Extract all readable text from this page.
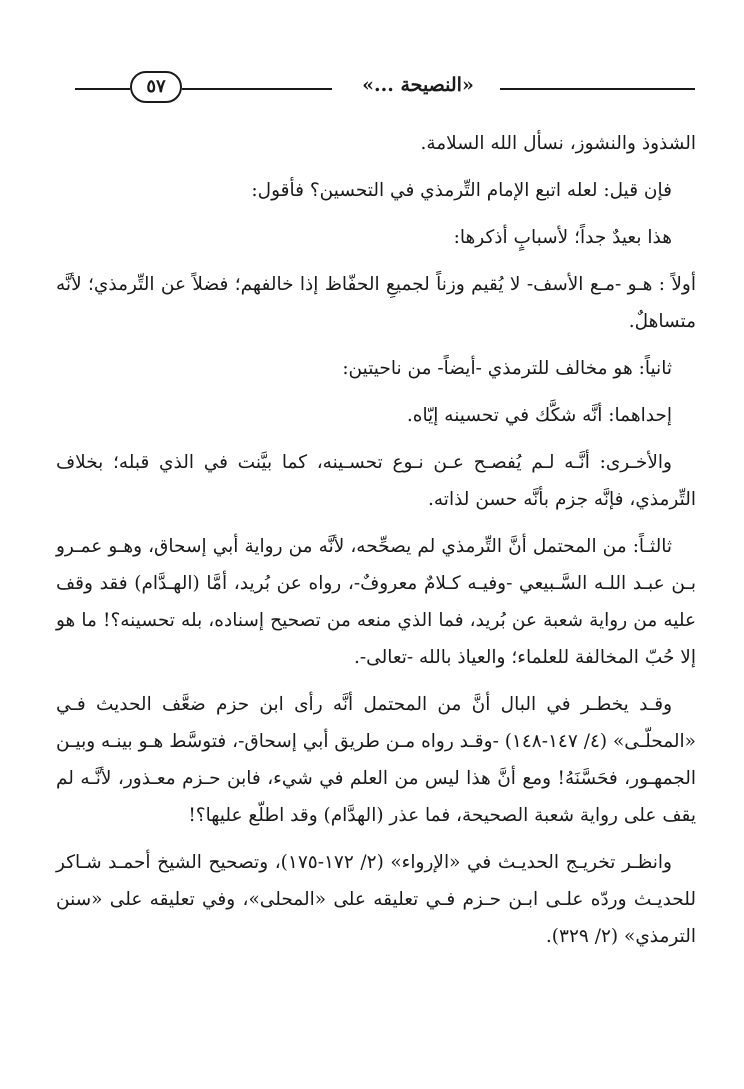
«النصيحة ...»
٥٧

الشذوذ والنشوز، نسأل الله السلامة.

فإن قيل: لعله اتبع الإمام التِّرمذي في التحسين؟ فأقول:

هذا بعيدٌ جداً؛ لأسبابٍ أذكرها:

أولاً : هـو -مـع الأسف- لا يُقيم وزناً لجميعِ الحفّاظ إذا خالفهم؛ فضلاً عن التِّرمذي؛ لأنَّه متساهلٌ.

ثانياً: هو مخالف للترمذي -أيضاً- من ناحيتين:

إحداهما: أنَّه شكَّك في تحسينه إيّاه.

والأخـرى: أنَّـه لـم يُفصـح عـن نـوع تحسـينه، كما بيَّنت في الذي قبله؛ بخلاف التِّرمذي، فإنَّه جزم بأنَّه حسن لذاته.

ثالثـاً: من المحتمل أنَّ التِّرمذي لم يصحِّحه، لأنَّه من رواية أبي إسحاق، وهـو عمـرو بـن عبـد اللـه السَّـبيعي -وفيـه كـلامٌ معروفٌ-، رواه عن بُريد، أمَّا (الهـدَّام) فقد وقف عليه من رواية شعبة عن بُريد، فما الذي منعه من تصحيح إسناده، بله تحسينه؟! ما هو إلا حُبّ المخالفة للعلماء؛ والعياذ بالله -تعالى-.

وقـد يخطـر في البال أنَّ من المحتمل أنَّه رأى ابن حزم ضعَّف الحديث فـي «المحلّـى» (٤/ ١٤٧-١٤٨) -وقـد رواه مـن طريق أبي إسحاق-، فتوسَّط هـو بينـه وبيـن الجمهـور، فحَسَّنَهُ! ومع أنَّ هذا ليس من العلم في شيء، فابن حـزم معـذور، لأنَّـه لم يقف على رواية شعبة الصحيحة، فما عذر (الهدَّام) وقد اطلّع عليها؟!

وانظـر تخريـج الحديـث في «الإرواء» (٢/ ١٧٢-١٧٥)، وتصحيح الشيخ أحمـد شـاكر للحديـث وردّه علـى ابـن حـزم فـي تعليقه على «المحلى»، وفي تعليقه على «سنن الترمذي» (٢/ ٣٢٩).
